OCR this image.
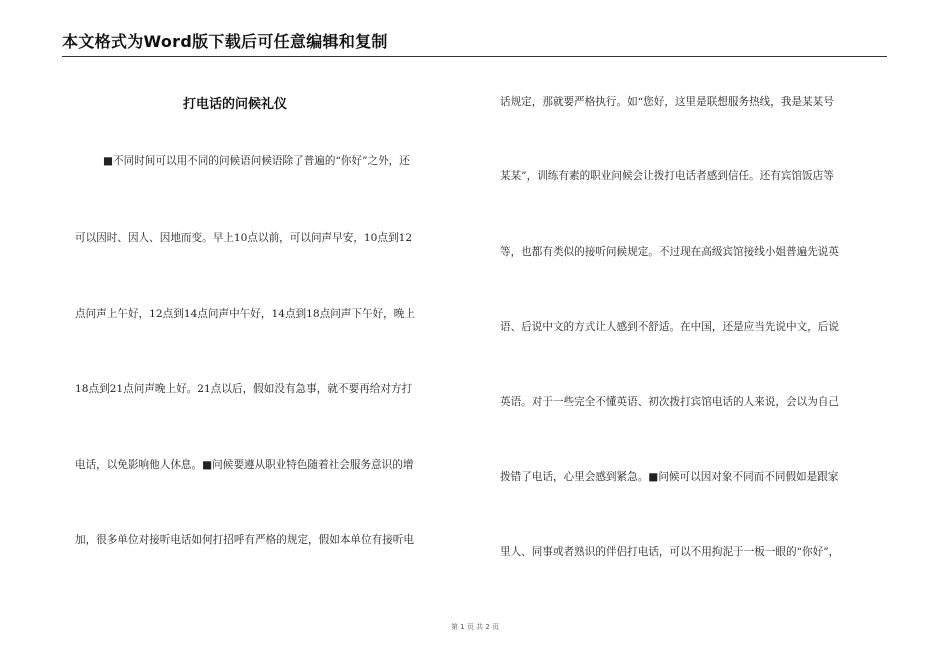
本文格式为Word版下载后可任意编辑和复制
打电话的问候礼仪
■不同时间可以用不同的问候语问候语除了普遍的“你好”之外，还
可以因时、因人、因地而变。早上10点以前，可以问声早安，10点到12
点问声上午好，12点到14点问声中午好，14点到18点问声下午好，晚上
18点到21点问声晚上好。21点以后，假如没有急事，就不要再给对方打
电话，以免影响他人休息。■问候要遵从职业特色随着社会服务意识的增
加，很多单位对接听电话如何打招呼有严格的规定，假如本单位有接听电
话规定，那就要严格执行。如“您好，这里是联想服务热线，我是某某号
某某”，训练有素的职业问候会让拨打电话者感到信任。还有宾馆饭店等
等，也都有类似的接听问候规定。不过现在高级宾馆接线小姐普遍先说英
语、后说中文的方式让人感到不舒适。在中国，还是应当先说中文，后说
英语。对于一些完全不懂英语、初次拨打宾馆电话的人来说，会以为自己
拨错了电话，心里会感到紧急。■问候可以因对象不同而不同假如是跟家
里人、同事或者熟识的伴侣打电话，可以不用拘泥于一板一眼的“你好”，
第 1 页 共 2 页
